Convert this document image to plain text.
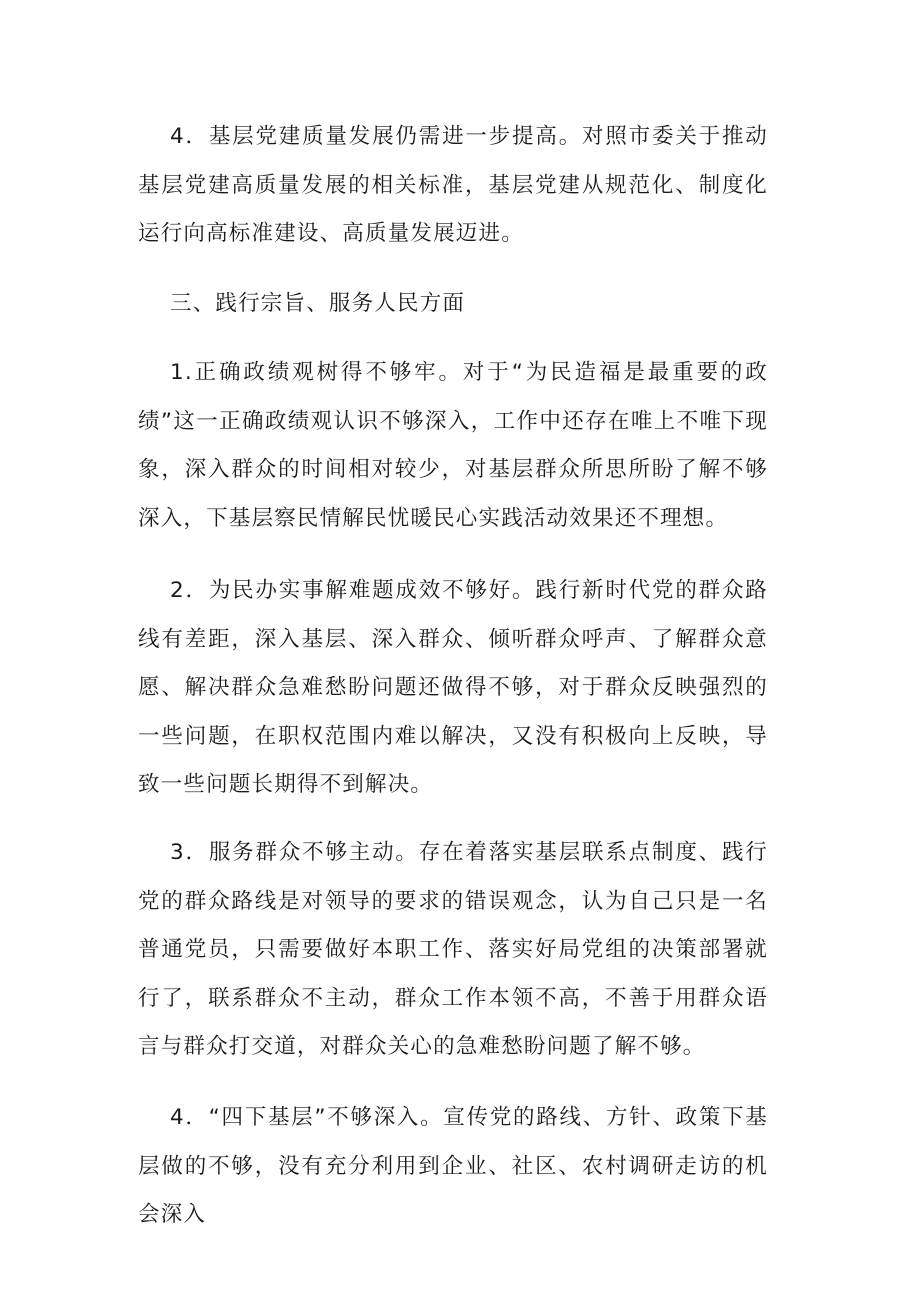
4．基层党建质量发展仍需进一步提高。对照市委关于推动基层党建高质量发展的相关标准，基层党建从规范化、制度化运行向高标准建设、高质量发展迈进。

三、践行宗旨、服务人民方面

1.正确政绩观树得不够牢。对于“为民造福是最重要的政绩”这一正确政绩观认识不够深入，工作中还存在唯上不唯下现象，深入群众的时间相对较少，对基层群众所思所盼了解不够深入，下基层察民情解民忧暖民心实践活动效果还不理想。

2．为民办实事解难题成效不够好。践行新时代党的群众路线有差距，深入基层、深入群众、倾听群众呼声、了解群众意愿、解决群众急难愁盼问题还做得不够，对于群众反映强烈的一些问题，在职权范围内难以解决，又没有积极向上反映，导致一些问题长期得不到解决。

3．服务群众不够主动。存在着落实基层联系点制度、践行党的群众路线是对领导的要求的错误观念，认为自己只是一名普通党员，只需要做好本职工作、落实好局党组的决策部署就行了，联系群众不主动，群众工作本领不高，不善于用群众语言与群众打交道，对群众关心的急难愁盼问题了解不够。

4．“四下基层”不够深入。宣传党的路线、方针、政策下基层做的不够，没有充分利用到企业、社区、农村调研走访的机会深入
